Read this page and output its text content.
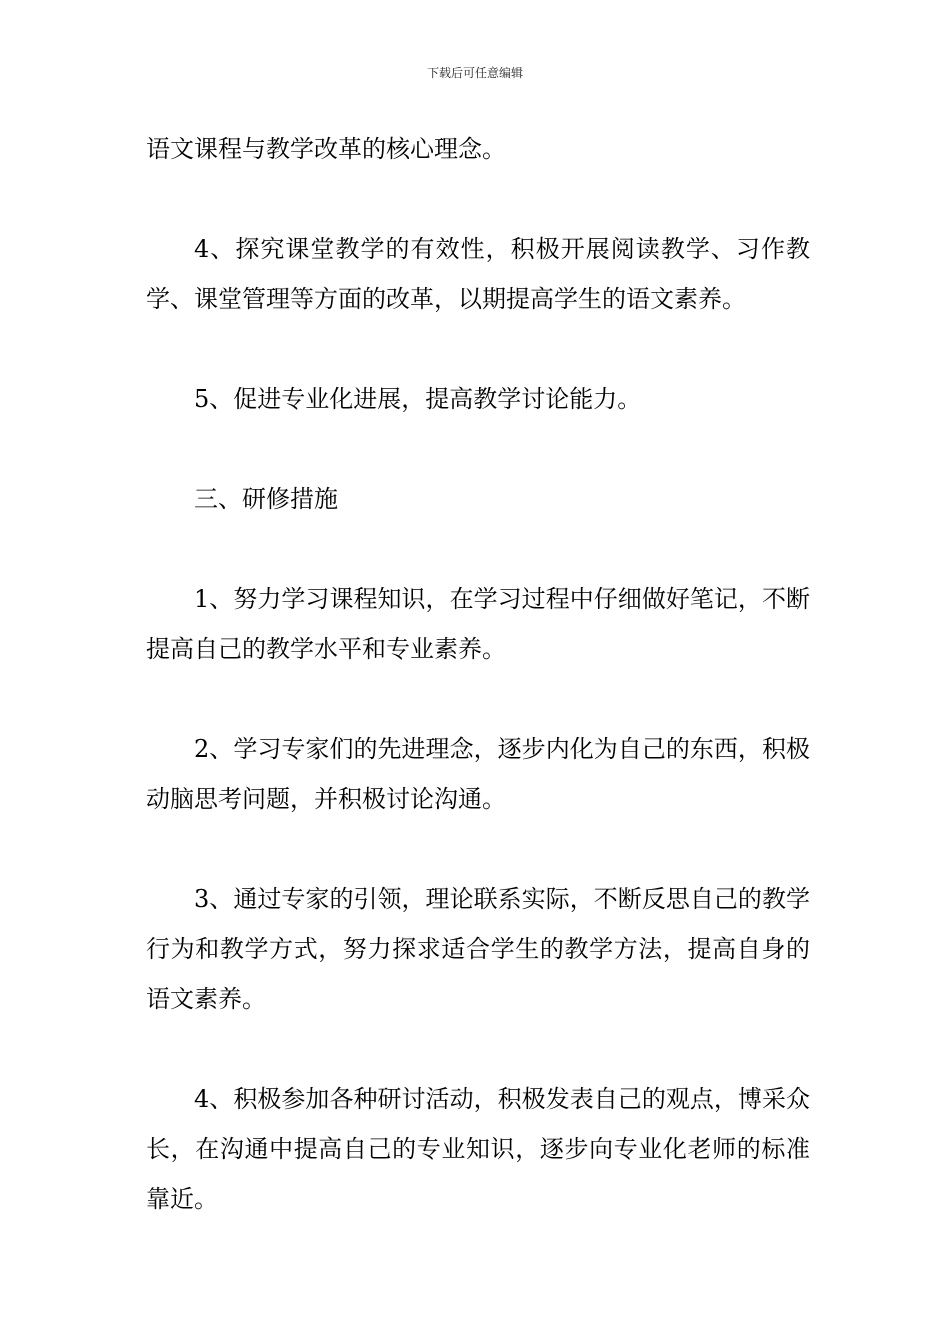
下载后可任意编辑

语文课程与教学改革的核心理念。

4、探究课堂教学的有效性，积极开展阅读教学、习作教学、课堂管理等方面的改革，以期提高学生的语文素养。

5、促进专业化进展，提高教学讨论能力。

三、研修措施

1、努力学习课程知识，在学习过程中仔细做好笔记，不断提高自己的教学水平和专业素养。

2、学习专家们的先进理念，逐步内化为自己的东西，积极动脑思考问题，并积极讨论沟通。

3、通过专家的引领，理论联系实际，不断反思自己的教学行为和教学方式，努力探求适合学生的教学方法，提高自身的语文素养。

4、积极参加各种研讨活动，积极发表自己的观点，博采众长，在沟通中提高自己的专业知识，逐步向专业化老师的标准靠近。
